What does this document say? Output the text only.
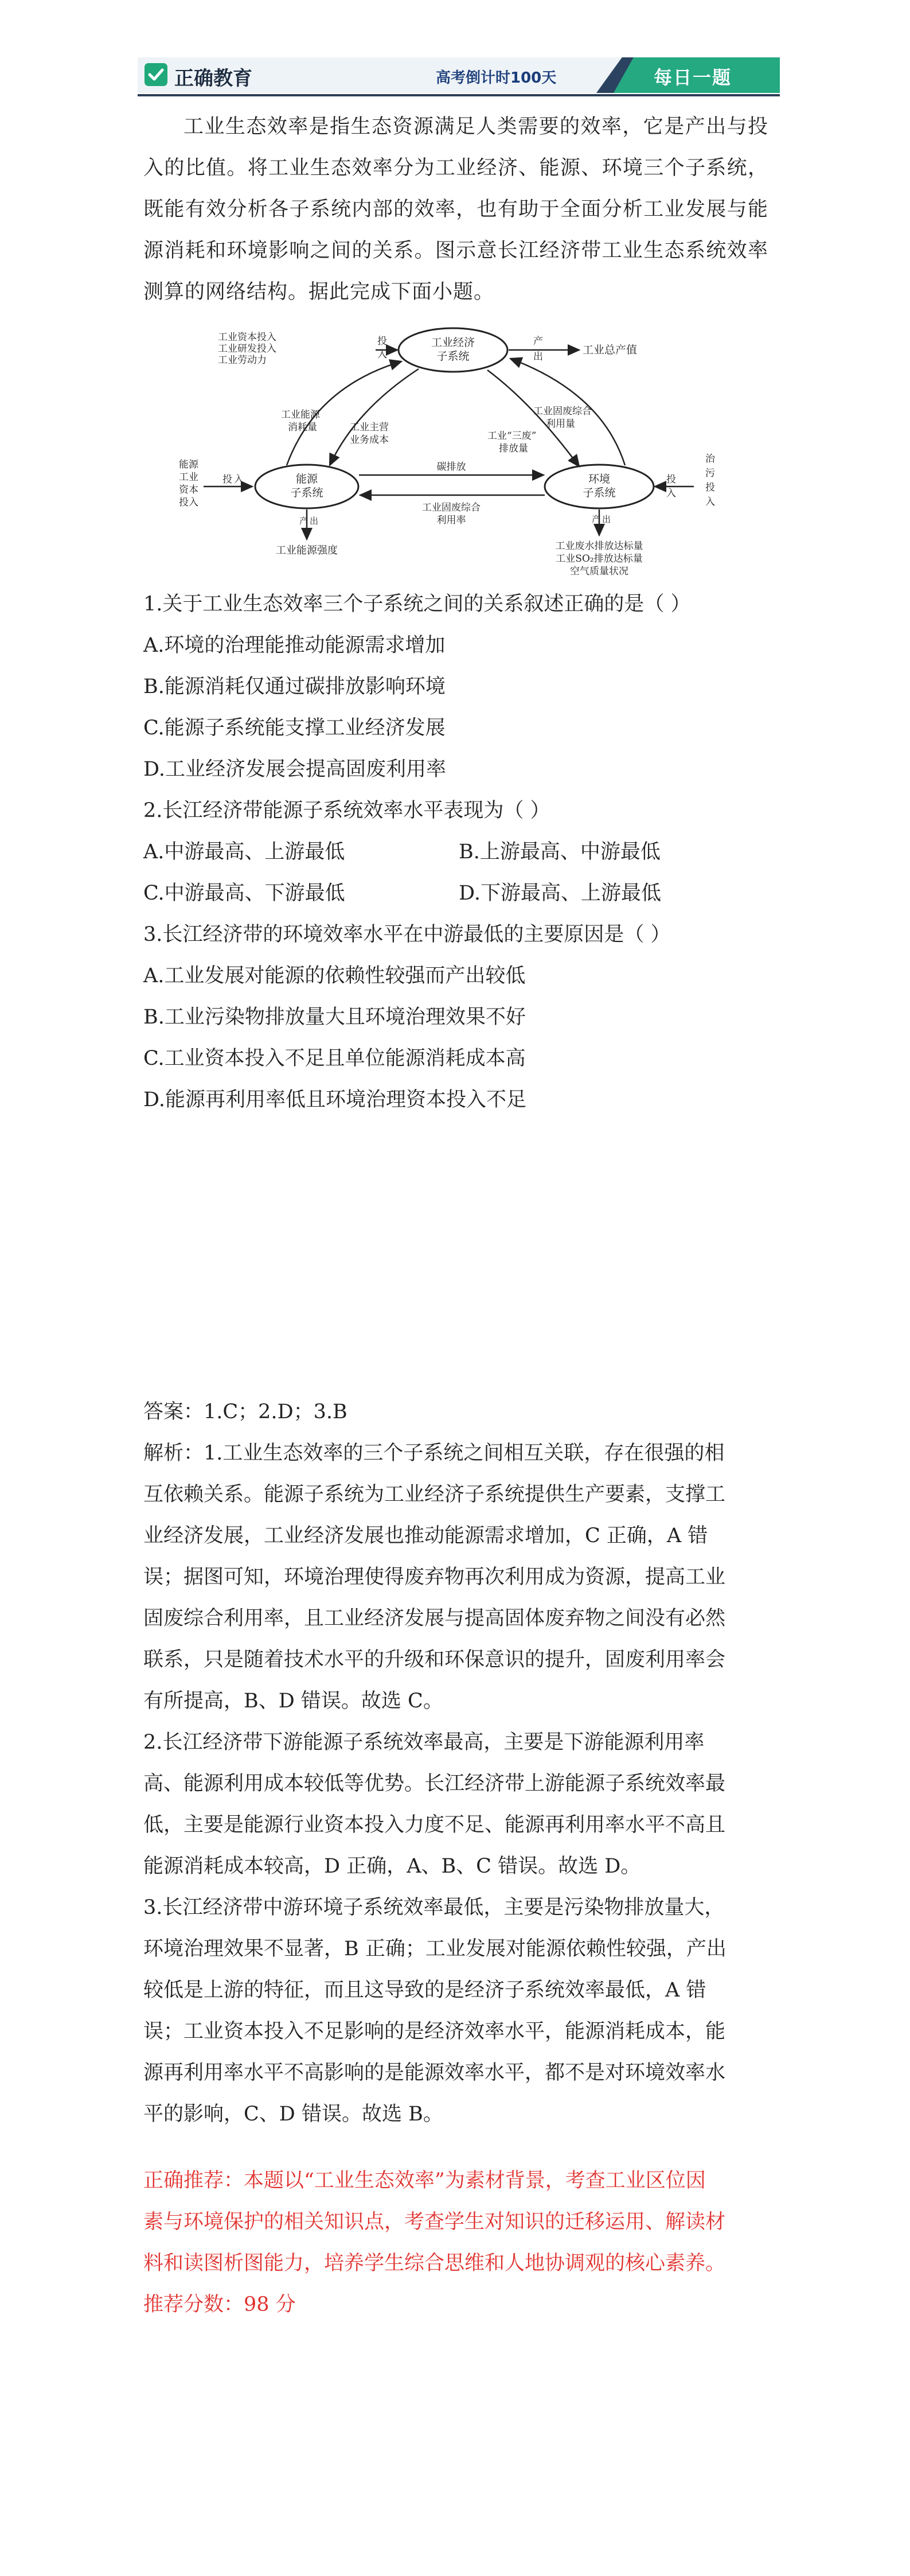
正确教育	高考倒计时100天	每日一题

工业生态效率是指生态资源满足人类需要的效率，它是产出与投入的比值。将工业生态效率分为工业经济、能源、环境三个子系统，既能有效分析各子系统内部的效率，也有助于全面分析工业发展与能源消耗和环境影响之间的关系。图示意长江经济带工业生态系统效率测算的网络结构。据此完成下面小题。

工业经济
子系统
工业资本投入
工业研发投入
工业劳动力
投
入
产
出
工业总产值
能源
子系统
能源
工业
资本
投入
投 入
产 出
工业能源强度
环境
子系统
投
入
治
污
投
入
产 出
工业废水排放达标量
工业SO₂排放达标量
空气质量状况
工业能源
消耗量	工业主营
业务成本
工业固废综合
利用量
工业“三废”
排放量
碳排放
工业固废综合
利用率
1.关于工业生态效率三个子系统之间的关系叙述正确的是（ ）
A.环境的治理能推动能源需求增加
B.能源消耗仅通过碳排放影响环境
C.能源子系统能支撑工业经济发展
D.工业经济发展会提高固废利用率
2.长江经济带能源子系统效率水平表现为（ ）
A.中游最高、上游最低	B.上游最高、中游最低
C.中游最高、下游最低	D.下游最高、上游最低
3.长江经济带的环境效率水平在中游最低的主要原因是（ ）
A.工业发展对能源的依赖性较强而产出较低
B.工业污染物排放量大且环境治理效果不好
C.工业资本投入不足且单位能源消耗成本高
D.能源再利用率低且环境治理资本投入不足

答案：1.C；2.D；3.B

解析：1.工业生态效率的三个子系统之间相互关联，存在很强的相

互依赖关系。能源子系统为工业经济子系统提供生产要素，支撑工

业经济发展，工业经济发展也推动能源需求增加，C 正确，A 错

误；据图可知，环境治理使得废弃物再次利用成为资源，提高工业

固废综合利用率，且工业经济发展与提高固体废弃物之间没有必然

联系，只是随着技术水平的升级和环保意识的提升，固废利用率会

有所提高，B、D 错误。故选 C。

2.长江经济带下游能源子系统效率最高，主要是下游能源利用率

高、能源利用成本较低等优势。长江经济带上游能源子系统效率最

低，主要是能源行业资本投入力度不足、能源再利用率水平不高且

能源消耗成本较高，D 正确，A、B、C 错误。故选 D。

3.长江经济带中游环境子系统效率最低，主要是污染物排放量大，

环境治理效果不显著，B 正确；工业发展对能源依赖性较强，产出

较低是上游的特征，而且这导致的是经济子系统效率最低，A 错

误；工业资本投入不足影响的是经济效率水平，能源消耗成本，能

源再利用率水平不高影响的是能源效率水平，都不是对环境效率水

平的影响，C、D 错误。故选 B。

正确推荐：本题以“工业生态效率”为素材背景，考查工业区位因

素与环境保护的相关知识点，考查学生对知识的迁移运用、解读材

料和读图析图能力，培养学生综合思维和人地协调观的核心素养。

推荐分数：98 分
